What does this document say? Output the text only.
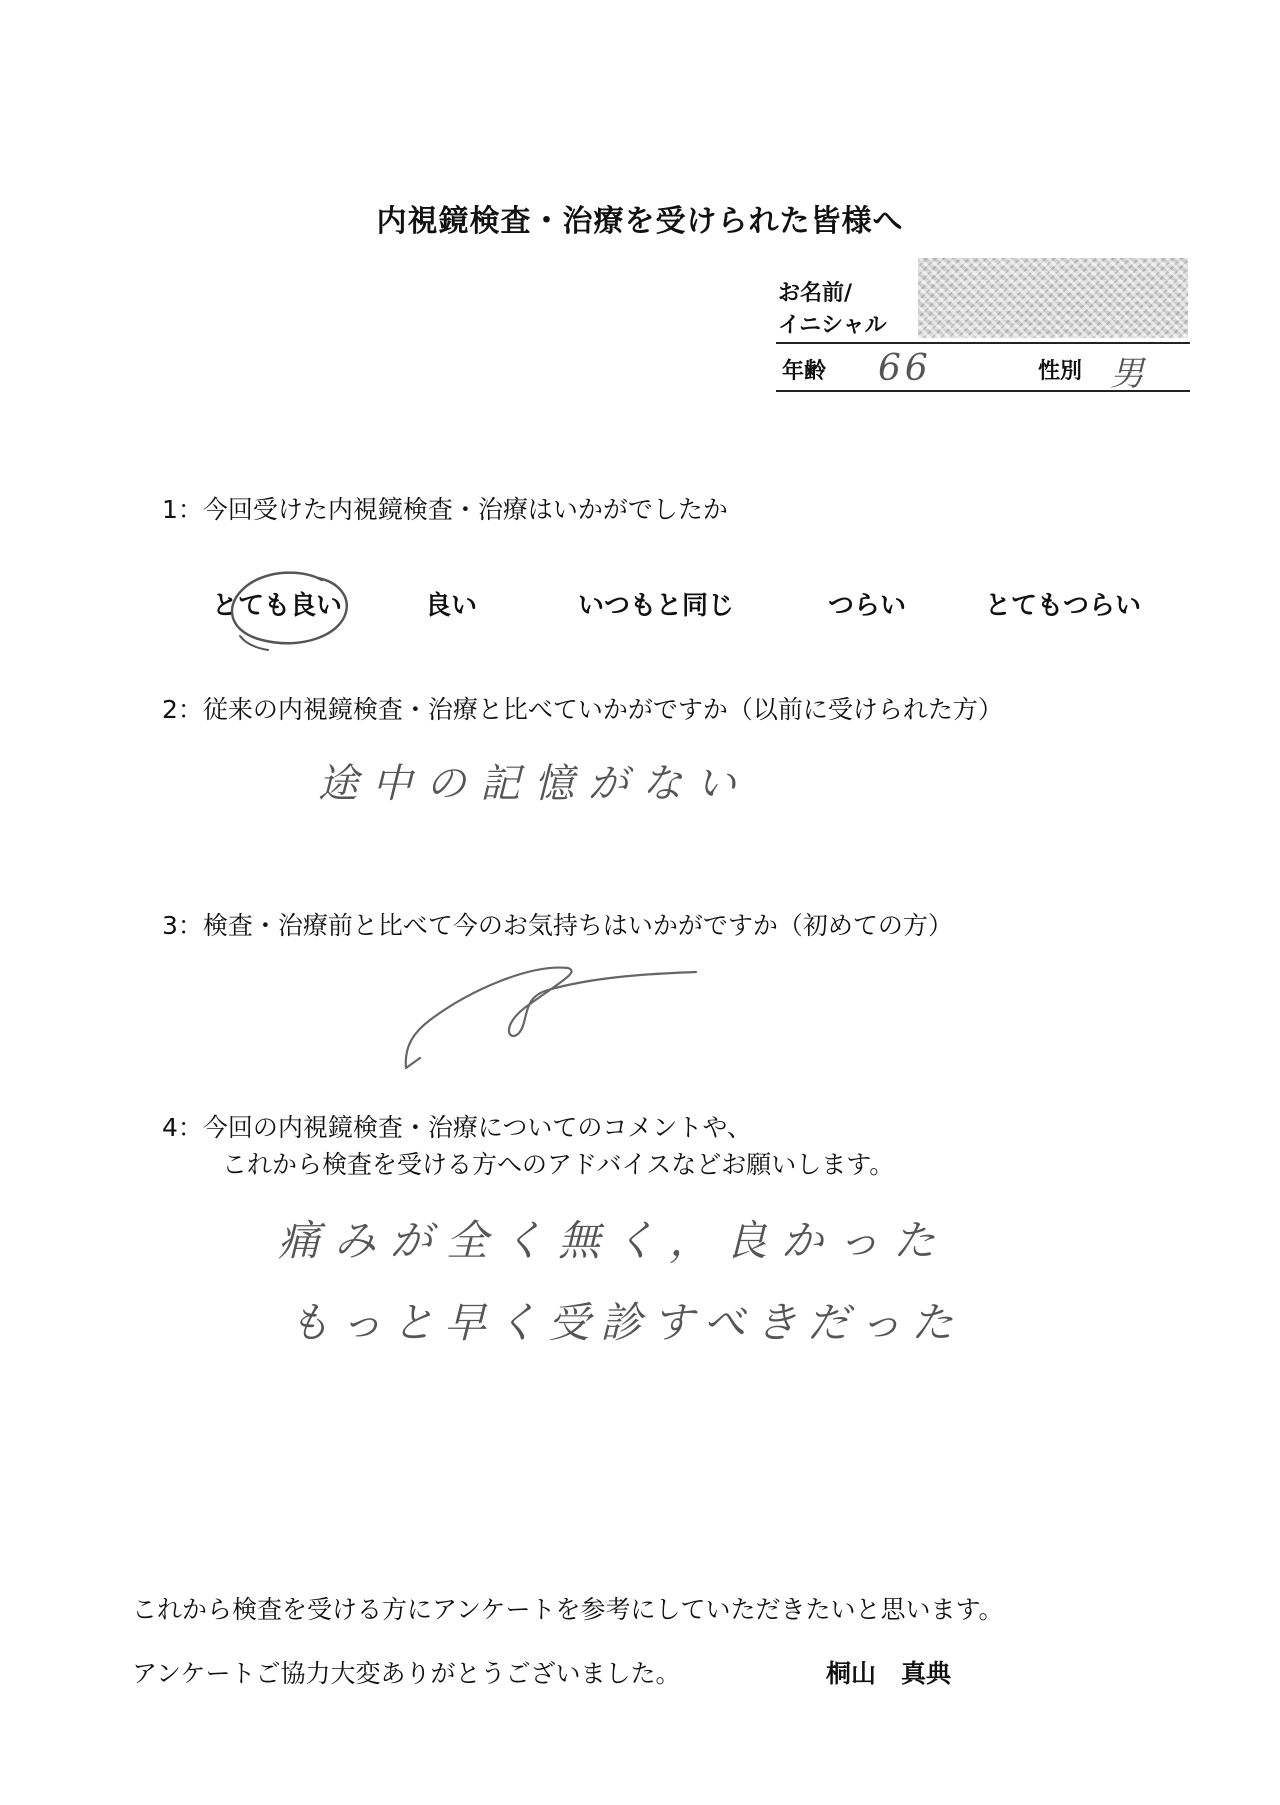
内視鏡検査・治療を受けられた皆様へ
お名前/
イニシャル
年齢 66	性別 男
1：今回受けた内視鏡検査・治療はいかがでしたか
とても良い	良い	いつもと同じ	つらい	とてもつらい
2：従来の内視鏡検査・治療と比べていかがですか（以前に受けられた方）
途中の記憶がない
3：検査・治療前と比べて今のお気持ちはいかがですか（初めての方）
4：今回の内視鏡検査・治療についてのコメントや、
これから検査を受ける方へのアドバイスなどお願いします。
痛みが全く無く，良かった
もっと早く受診すべきだった
これから検査を受ける方にアンケートを参考にしていただきたいと思います。
アンケートご協力大変ありがとうございました。	桐山　真典
